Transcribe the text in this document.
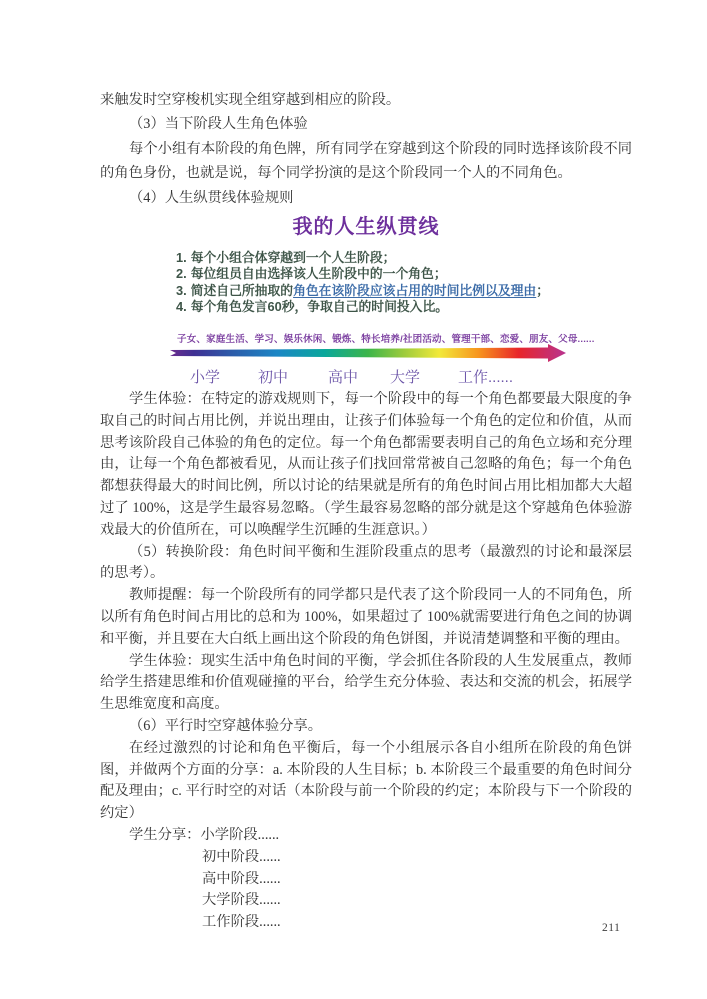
来触发时空穿梭机实现全组穿越到相应的阶段。

（3）当下阶段人生角色体验

每个小组有本阶段的角色牌，所有同学在穿越到这个阶段的同时选择该阶段不同的角色身份，也就是说，每个同学扮演的是这个阶段同一个人的不同角色。

（4）人生纵贯线体验规则

我的人生纵贯线
1. 每个小组合体穿越到一个人生阶段；
2. 每位组员自由选择该人生阶段中的一个角色；
3. 简述自己所抽取的角色在该阶段应该占用的时间比例以及理由；
4. 每个角色发言60秒，争取自己的时间投入比。
子女、家庭生活、学习、娱乐休闲、锻炼、特长培养/社团活动、管理干部、恋爱、朋友、父母......
小学	初中	高中 大学	工作......

学生体验：在特定的游戏规则下，每一个阶段中的每一个角色都要最大限度的争取自己的时间占用比例，并说出理由，让孩子们体验每一个角色的定位和价值，从而思考该阶段自己体验的角色的定位。每一个角色都需要表明自己的角色立场和充分理由，让每一个角色都被看见，从而让孩子们找回常常被自己忽略的角色；每一个角色都想获得最大的时间比例，所以讨论的结果就是所有的角色时间占用比相加都大大超过了 100%，这是学生最容易忽略。（学生最容易忽略的部分就是这个穿越角色体验游戏最大的价值所在，可以唤醒学生沉睡的生涯意识。）

（5）转换阶段：角色时间平衡和生涯阶段重点的思考（最激烈的讨论和最深层的思考）。

教师提醒：每一个阶段所有的同学都只是代表了这个阶段同一人的不同角色，所以所有角色时间占用比的总和为 100%，如果超过了 100%就需要进行角色之间的协调和平衡，并且要在大白纸上画出这个阶段的角色饼图，并说清楚调整和平衡的理由。

学生体验：现实生活中角色时间的平衡，学会抓住各阶段的人生发展重点，教师给学生搭建思维和价值观碰撞的平台，给学生充分体验、表达和交流的机会，拓展学生思维宽度和高度。

（6）平行时空穿越体验分享。

在经过激烈的讨论和角色平衡后，每一个小组展示各自小组所在阶段的角色饼图，并做两个方面的分享：a. 本阶段的人生目标；b. 本阶段三个最重要的角色时间分配及理由；c. 平行时空的对话（本阶段与前一个阶段的约定；本阶段与下一个阶段的约定）

学生分享：小学阶段......

初中阶段......
高中阶段......
大学阶段......
工作阶段......	211
